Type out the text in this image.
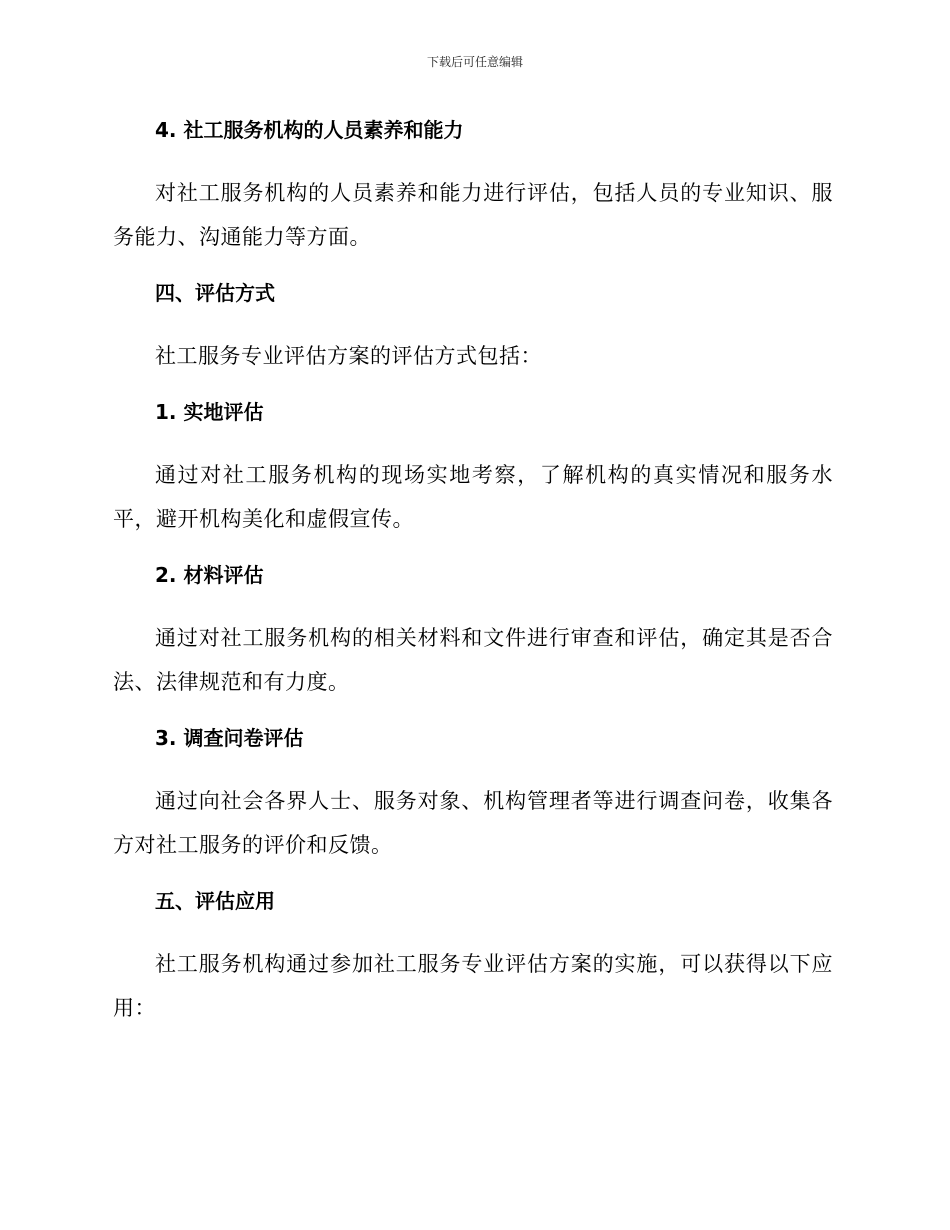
下载后可任意编辑
4. 社工服务机构的人员素养和能力
对社工服务机构的人员素养和能力进行评估，包括人员的专业知识、服务能力、沟通能力等方面。
四、评估方式
社工服务专业评估方案的评估方式包括：
1. 实地评估
通过对社工服务机构的现场实地考察，了解机构的真实情况和服务水平，避开机构美化和虚假宣传。
2. 材料评估
通过对社工服务机构的相关材料和文件进行审查和评估，确定其是否合法、法律规范和有力度。
3. 调查问卷评估
通过向社会各界人士、服务对象、机构管理者等进行调查问卷，收集各方对社工服务的评价和反馈。
五、评估应用
社工服务机构通过参加社工服务专业评估方案的实施，可以获得以下应用：
